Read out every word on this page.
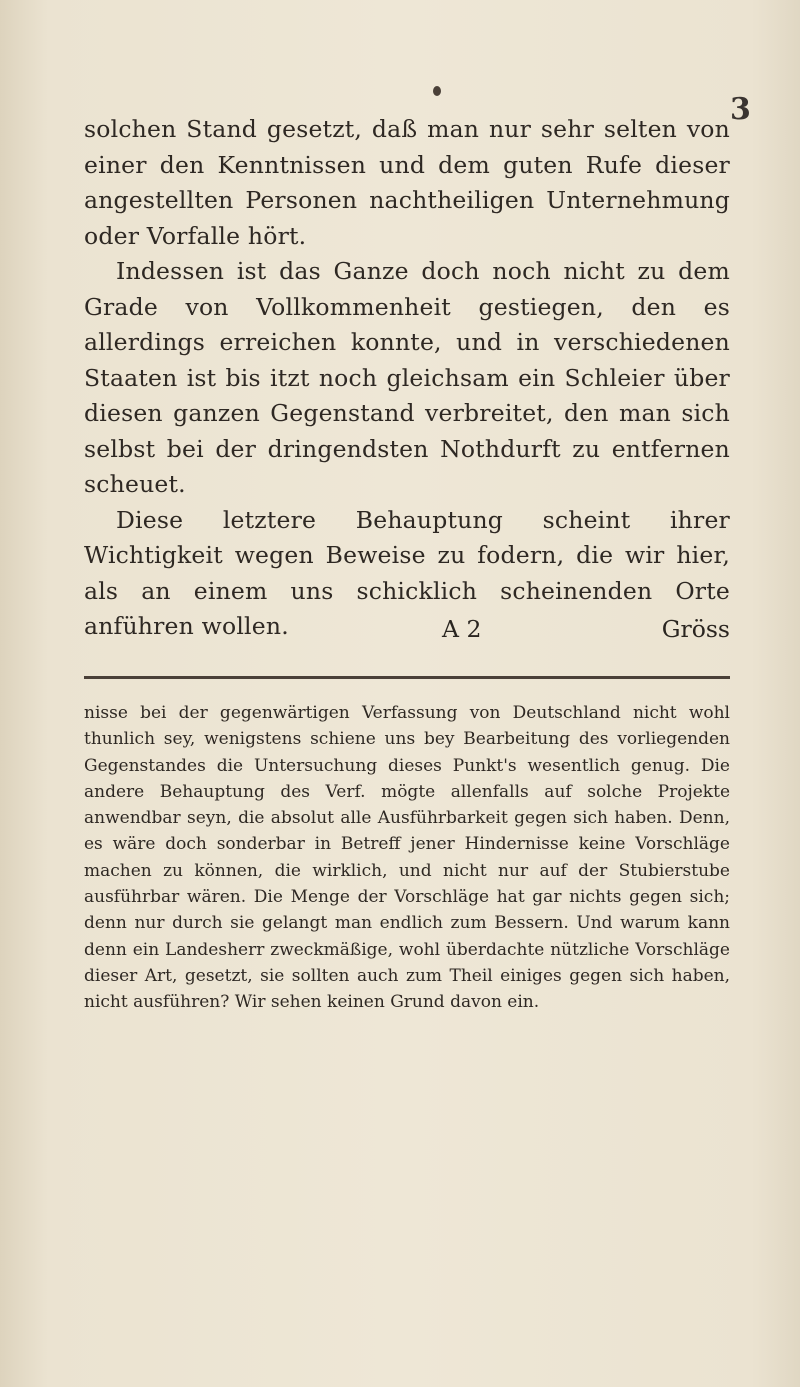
3

solchen Stand gesetzt, daß man nur sehr selten von einer den Kenntnissen und dem guten Rufe dieser angestellten Personen nachtheiligen Unternehmung oder Vorfalle hört.

Indessen ist das Ganze doch noch nicht zu dem Grade von Vollkommenheit gestiegen, den es allerdings erreichen konnte, und in verschiedenen Staaten ist bis itzt noch gleichsam ein Schleier über diesen ganzen Gegenstand verbreitet, den man sich selbst bei der dringendsten Nothdurft zu entfernen scheuet.

Diese letztere Behauptung scheint ihrer Wichtigkeit wegen Beweise zu fodern, die wir hier, als an einem uns schicklich scheinenden Orte anführen wollen.	A 2	Gröss

nisse bei der gegenwärtigen Verfassung von Deutschland nicht wohl thunlich sey, wenigstens schiene uns bey Bearbeitung des vorliegenden Gegenstandes die Untersuchung dieses Punkt's wesentlich genug. Die andere Behauptung des Verf. mögte allenfalls auf solche Projekte anwendbar seyn, die absolut alle Ausführbarkeit gegen sich haben. Denn, es wäre doch sonderbar in Betreff jener Hindernisse keine Vorschläge machen zu können, die wirklich, und nicht nur auf der Stubierstube ausführbar wären. Die Menge der Vorschläge hat gar nichts gegen sich; denn nur durch sie gelangt man endlich zum Bessern. Und warum kann denn ein Landesherr zweckmäßige, wohl überdachte nützliche Vorschläge dieser Art, gesetzt, sie sollten auch zum Theil einiges gegen sich haben, nicht ausführen? Wir sehen keinen Grund davon ein.
